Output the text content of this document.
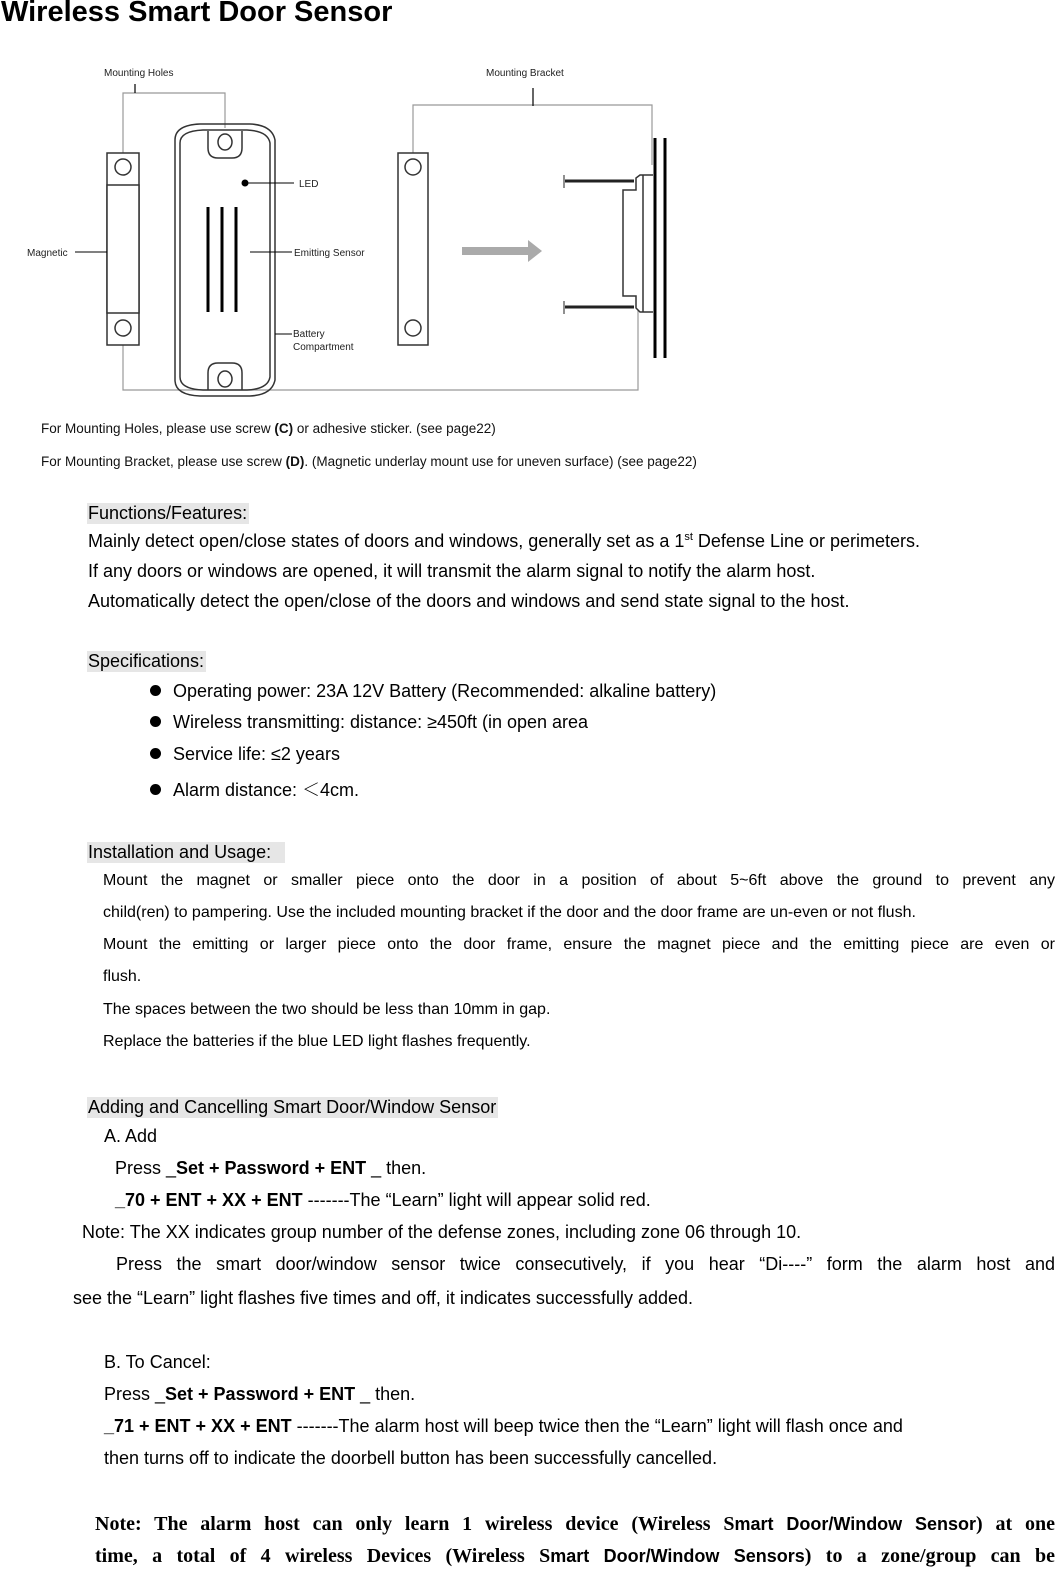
Wireless Smart Door Sensor
Mounting Holes	Mounting Bracket
LED
Magnetic	Emitting Sensor
Battery
Compartment
For Mounting Holes, please use screw (C) or adhesive sticker. (see page22)
For Mounting Bracket, please use screw (D). (Magnetic underlay mount use for uneven surface) (see page22)
Functions/Features:
Mainly detect open/close states of doors and windows, generally set as a 1st Defense Line or perimeters.
If any doors or windows are opened, it will transmit the alarm signal to notify the alarm host.
Automatically detect the open/close of the doors and windows and send state signal to the host.
Specifications:
Operating power: 23A 12V Battery (Recommended: alkaline battery)
Wireless transmitting: distance: ≥450ft (in open area
Service life: ≤2 years
Alarm distance: ＜4cm.
Installation and Usage:
Mount the magnet or smaller piece onto the door in a position of about 5~6ft above the ground to prevent any
child(ren) to pampering. Use the included mounting bracket if the door and the door frame are un-even or not flush.
Mount the emitting or larger piece onto the door frame, ensure the magnet piece and the emitting piece are even or
flush.
The spaces between the two should be less than 10mm in gap.
Replace the batteries if the blue LED light flashes frequently.
Adding and Cancelling Smart Door/Window Sensor
A. Add
Press _Set + Password + ENT _ then.
_70 + ENT + XX + ENT -------The “Learn” light will appear solid red.
Note: The XX indicates group number of the defense zones, including zone 06 through 10.
Press the smart door/window sensor twice consecutively, if you hear “Di----” form the alarm host and
see the “Learn” light flashes five times and off, it indicates successfully added.
B. To Cancel:
Press _Set + Password + ENT _ then.
_71 + ENT + XX + ENT -------The alarm host will beep twice then the “Learn” light will flash once and
then turns off to indicate the doorbell button has been successfully cancelled.
Note: The alarm host can only learn 1 wireless device (Wireless Smart Door/Window Sensor) at one
time, a total of 4 wireless Devices (Wireless Smart Door/Window Sensors) to a zone/group can be
